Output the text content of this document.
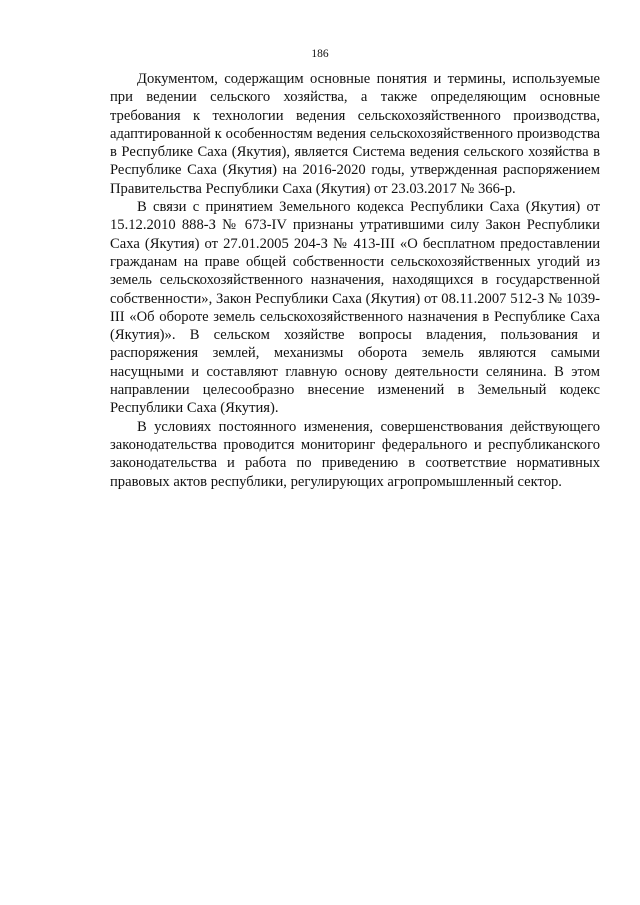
186

Документом, содержащим основные понятия и термины, используемые при ведении сельского хозяйства, а также определяющим основные требования к технологии ведения сельскохозяйственного производства, адаптированной к особенностям ведения сельскохозяйственного производства в Республике Саха (Якутия), является Система ведения сельского хозяйства в Республике Саха (Якутия) на 2016-2020 годы, утвержденная распоряжением Правительства Республики Саха (Якутия) от 23.03.2017 № 366-р.

В связи с принятием Земельного кодекса Республики Саха (Якутия) от 15.12.2010 888-З № 673-IV признаны утратившими силу Закон Республики Саха (Якутия) от 27.01.2005 204-З № 413-III «О бесплатном предоставлении гражданам на праве общей собственности сельскохозяйственных угодий из земель сельскохозяйственного назначения, находящихся в государственной собственности», Закон Республики Саха (Якутия) от 08.11.2007 512-З № 1039-III «Об обороте земель сельскохозяйственного назначения в Республике Саха (Якутия)». В сельском хозяйстве вопросы владения, пользования и распоряжения землей, механизмы оборота земель являются самыми насущными и составляют главную основу деятельности селянина. В этом направлении целесообразно внесение изменений в Земельный кодекс Республики Саха (Якутия).

В условиях постоянного изменения, совершенствования действующего законодательства проводится мониторинг федерального и республиканского законодательства и работа по приведению в соответствие нормативных правовых актов республики, регулирующих агропромышленный сектор.
